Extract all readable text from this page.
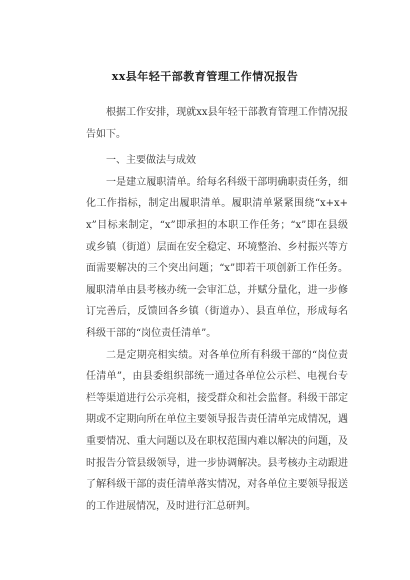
xx县年轻干部教育管理工作情况报告

根据工作安排，现就xx县年轻干部教育管理工作情况报告如下。

一、主要做法与成效

一是建立履职清单。给每名科级干部明确职责任务，细化工作指标，制定出履职清单。履职清单紧紧围绕“x+x+x”目标来制定，“x”即承担的本职工作任务；“x”即在县级或乡镇（街道）层面在安全稳定、环境整治、乡村振兴等方面需要解决的三个突出问题；“x”即若干项创新工作任务。履职清单由县考核办统一会审汇总，并赋分量化，进一步修订完善后，反馈回各乡镇（街道办）、县直单位，形成每名科级干部的“岗位责任清单”。

二是定期亮相实绩。对各单位所有科级干部的“岗位责任清单”，由县委组织部统一通过各单位公示栏、电视台专栏等渠道进行公示亮相，接受群众和社会监督。科级干部定期或不定期向所在单位主要领导报告责任清单完成情况，遇重要情况、重大问题以及在职权范围内难以解决的问题，及时报告分管县级领导，进一步协调解决。县考核办主动跟进了解科级干部的责任清单落实情况，对各单位主要领导报送的工作进展情况，及时进行汇总研判。
